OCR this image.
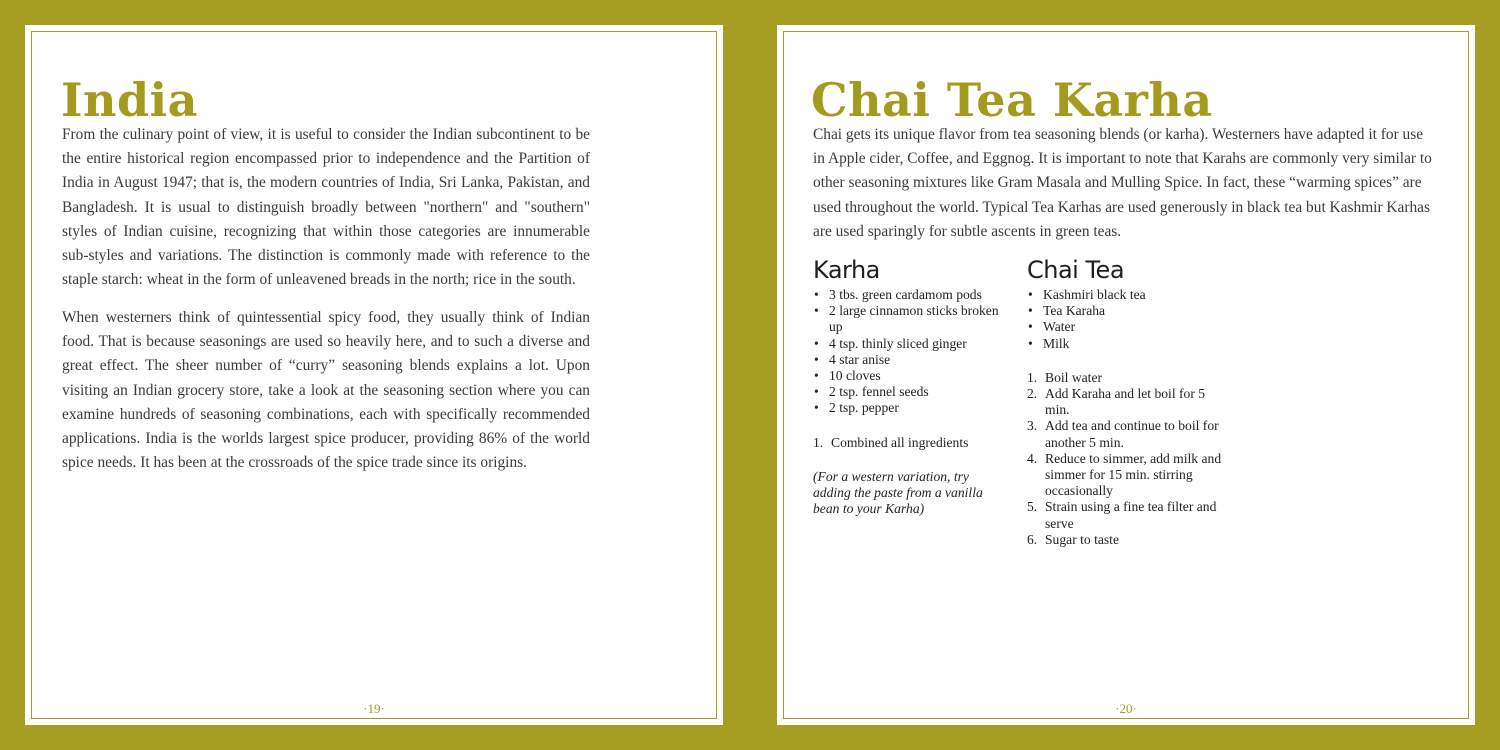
India

From the culinary point of view, it is useful to consider the Indian subcontinent to be the entire historical region encompassed prior to independence and the Partition of India in August 1947; that is, the modern countries of India, Sri Lanka, Pakistan, and Bangladesh. It is usual to distinguish broadly between "northern" and "southern" styles of Indian cuisine, recognizing that within those categories are innumerable sub-styles and variations. The distinction is commonly made with reference to the staple starch: wheat in the form of unleavened breads in the north; rice in the south.

When westerners think of quintessential spicy food, they usually think of Indian food. That is because seasonings are used so heavily here, and to such a diverse and great effect. The sheer number of “curry” seasoning blends explains a lot. Upon visiting an Indian grocery store, take a look at the seasoning section where you can examine hundreds of seasoning combinations, each with specifically recommended applications. India is the worlds largest spice producer, providing 86% of the world spice needs. It has been at the crossroads of the spice trade since its origins.

·19·
Chai Tea Karha

Chai gets its unique flavor from tea seasoning blends (or karha). Westerners have adapted it for use in Apple cider, Coffee, and Eggnog. It is important to note that Karahs are commonly very similar to other seasoning mixtures like Gram Masala and Mulling Spice. In fact, these “warming spices” are used throughout the world. Typical Tea Karhas are used generously in black tea but Kashmir Karhas are used sparingly for subtle ascents in green teas.

Karha
• 3 tbs. green cardamom pods
• 2 large cinnamon sticks broken up
• 4 tsp. thinly sliced ginger
• 4 star anise
• 10 cloves
• 2 tsp. fennel seeds
• 2 tsp. pepper
1. Combined all ingredients
(For a western variation, try adding the paste from a vanilla bean to your Karha)
Chai Tea
• Kashmiri black tea
• Tea Karaha
• Water
• Milk
1. Boil water
2. Add Karaha and let boil for 5 min.
3. Add tea and continue to boil for another 5 min.
4. Reduce to simmer, add milk and simmer for 15 min. stirring occasionally
5. Strain using a fine tea filter and serve
6. Sugar to taste
·20·
